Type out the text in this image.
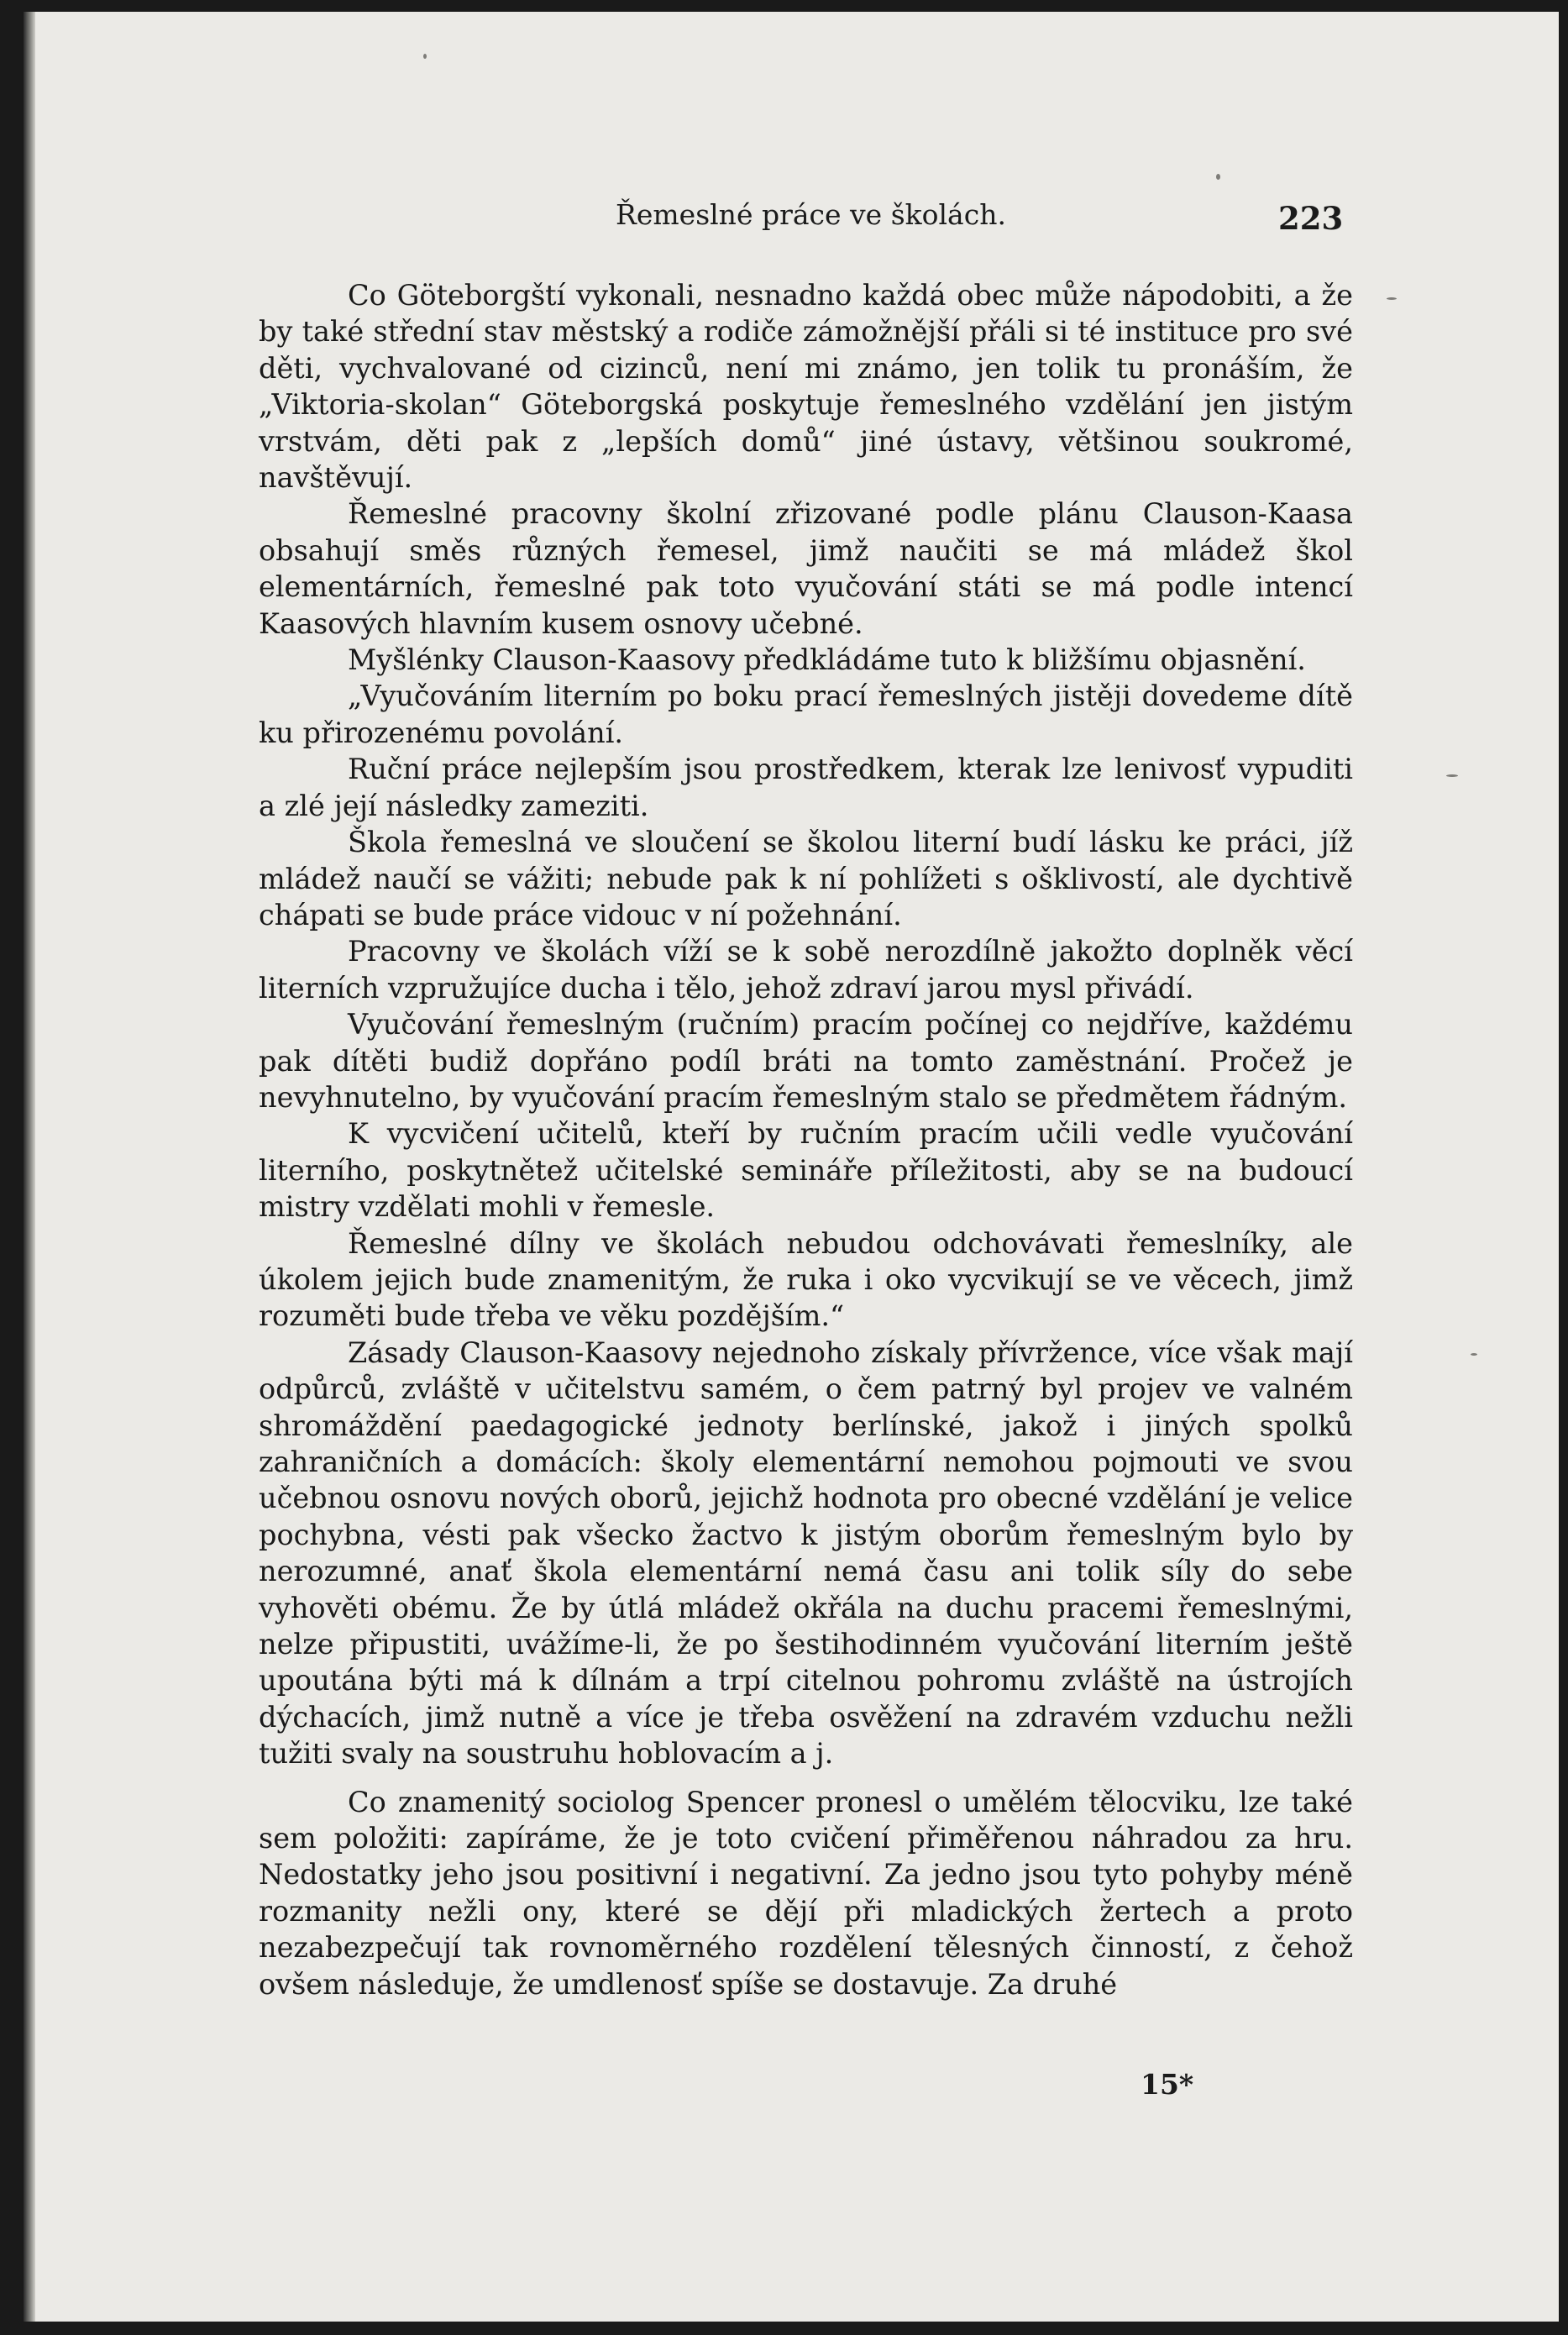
Řemeslné práce ve školách.	223

Co Göteborgští vykonali, nesnadno každá obec může nápodobiti, a že by také střední stav městský a rodiče zámožnější přáli si té instituce pro své děti, vychvalované od cizinců, není mi známo, jen tolik tu pronáším, že „Viktoria-skolan“ Göteborgská poskytuje řemeslného vzdělání jen jistým vrstvám, děti pak z „lepších domů“ jiné ústavy, většinou soukromé, navštěvují.

Řemeslné pracovny školní zřizované podle plánu Clauson-Kaasa obsahují směs různých řemesel, jimž naučiti se má mládež škol elementárních, řemeslné pak toto vyučování státi se má podle intencí Kaasových hlavním kusem osnovy učebné.

Myšlénky Clauson-Kaasovy předkládáme tuto k bližšímu objasnění.

„Vyučováním literním po boku prací řemeslných jistěji dovedeme dítě ku přirozenému povolání.

Ruční práce nejlepším jsou prostředkem, kterak lze lenivosť vypuditi a zlé její následky zameziti.

Škola řemeslná ve sloučení se školou literní budí lásku ke práci, jíž mládež naučí se vážiti; nebude pak k ní pohlížeti s ošklivostí, ale dychtivě chápati se bude práce vidouc v ní požehnání.

Pracovny ve školách víží se k sobě nerozdílně jakožto doplněk věcí literních vzpružujíce ducha i tělo, jehož zdraví jarou mysl přivádí.

Vyučování řemeslným (ručním) pracím počínej co nejdříve, každému pak dítěti budiž dopřáno podíl bráti na tomto zaměstnání. Pročež je nevyhnutelno, by vyučování pracím řemeslným stalo se předmětem řádným.

K vycvičení učitelů, kteří by ručním pracím učili vedle vyučování literního, poskytnětež učitelské semináře příležitosti, aby se na budoucí mistry vzdělati mohli v řemesle.

Řemeslné dílny ve školách nebudou odchovávati řemeslníky, ale úkolem jejich bude znamenitým, že ruka i oko vycvikují se ve věcech, jimž rozuměti bude třeba ve věku pozdějším.“

Zásady Clauson-Kaasovy nejednoho získaly přívržence, více však mají odpůrců, zvláště v učitelstvu samém, o čem patrný byl projev ve valném shromáždění paedagogické jednoty berlínské, jakož i jiných spolků zahraničních a domácích: školy elementární nemohou pojmouti ve svou učebnou osnovu nových oborů, jejichž hodnota pro obecné vzdělání je velice pochybna, vésti pak všecko žactvo k jistým oborům řemeslným bylo by nerozumné, anať škola elementární nemá času ani tolik síly do sebe vyhověti obému. Že by útlá mládež okřála na duchu pracemi řemeslnými, nelze připustiti, uvážíme-li, že po šestihodinném vyučování literním ještě upoutána býti má k dílnám a trpí citelnou pohromu zvláště na ústrojích dýchacích, jimž nutně a více je třeba osvěžení na zdravém vzduchu nežli tužiti svaly na soustruhu hoblovacím a j.

Co znamenitý sociolog Spencer pronesl o umělém tělocviku, lze také sem položiti: zapíráme, že je toto cvičení přiměřenou náhradou za hru. Nedostatky jeho jsou positivní i negativní. Za jedno jsou tyto pohyby méně rozmanity nežli ony, které se dějí při mladických žertech a proto nezabezpečují tak rovnoměrného rozdělení tělesných činností, z čehož ovšem následuje, že umdlenosť spíše se dostavuje. Za druhé

15*
